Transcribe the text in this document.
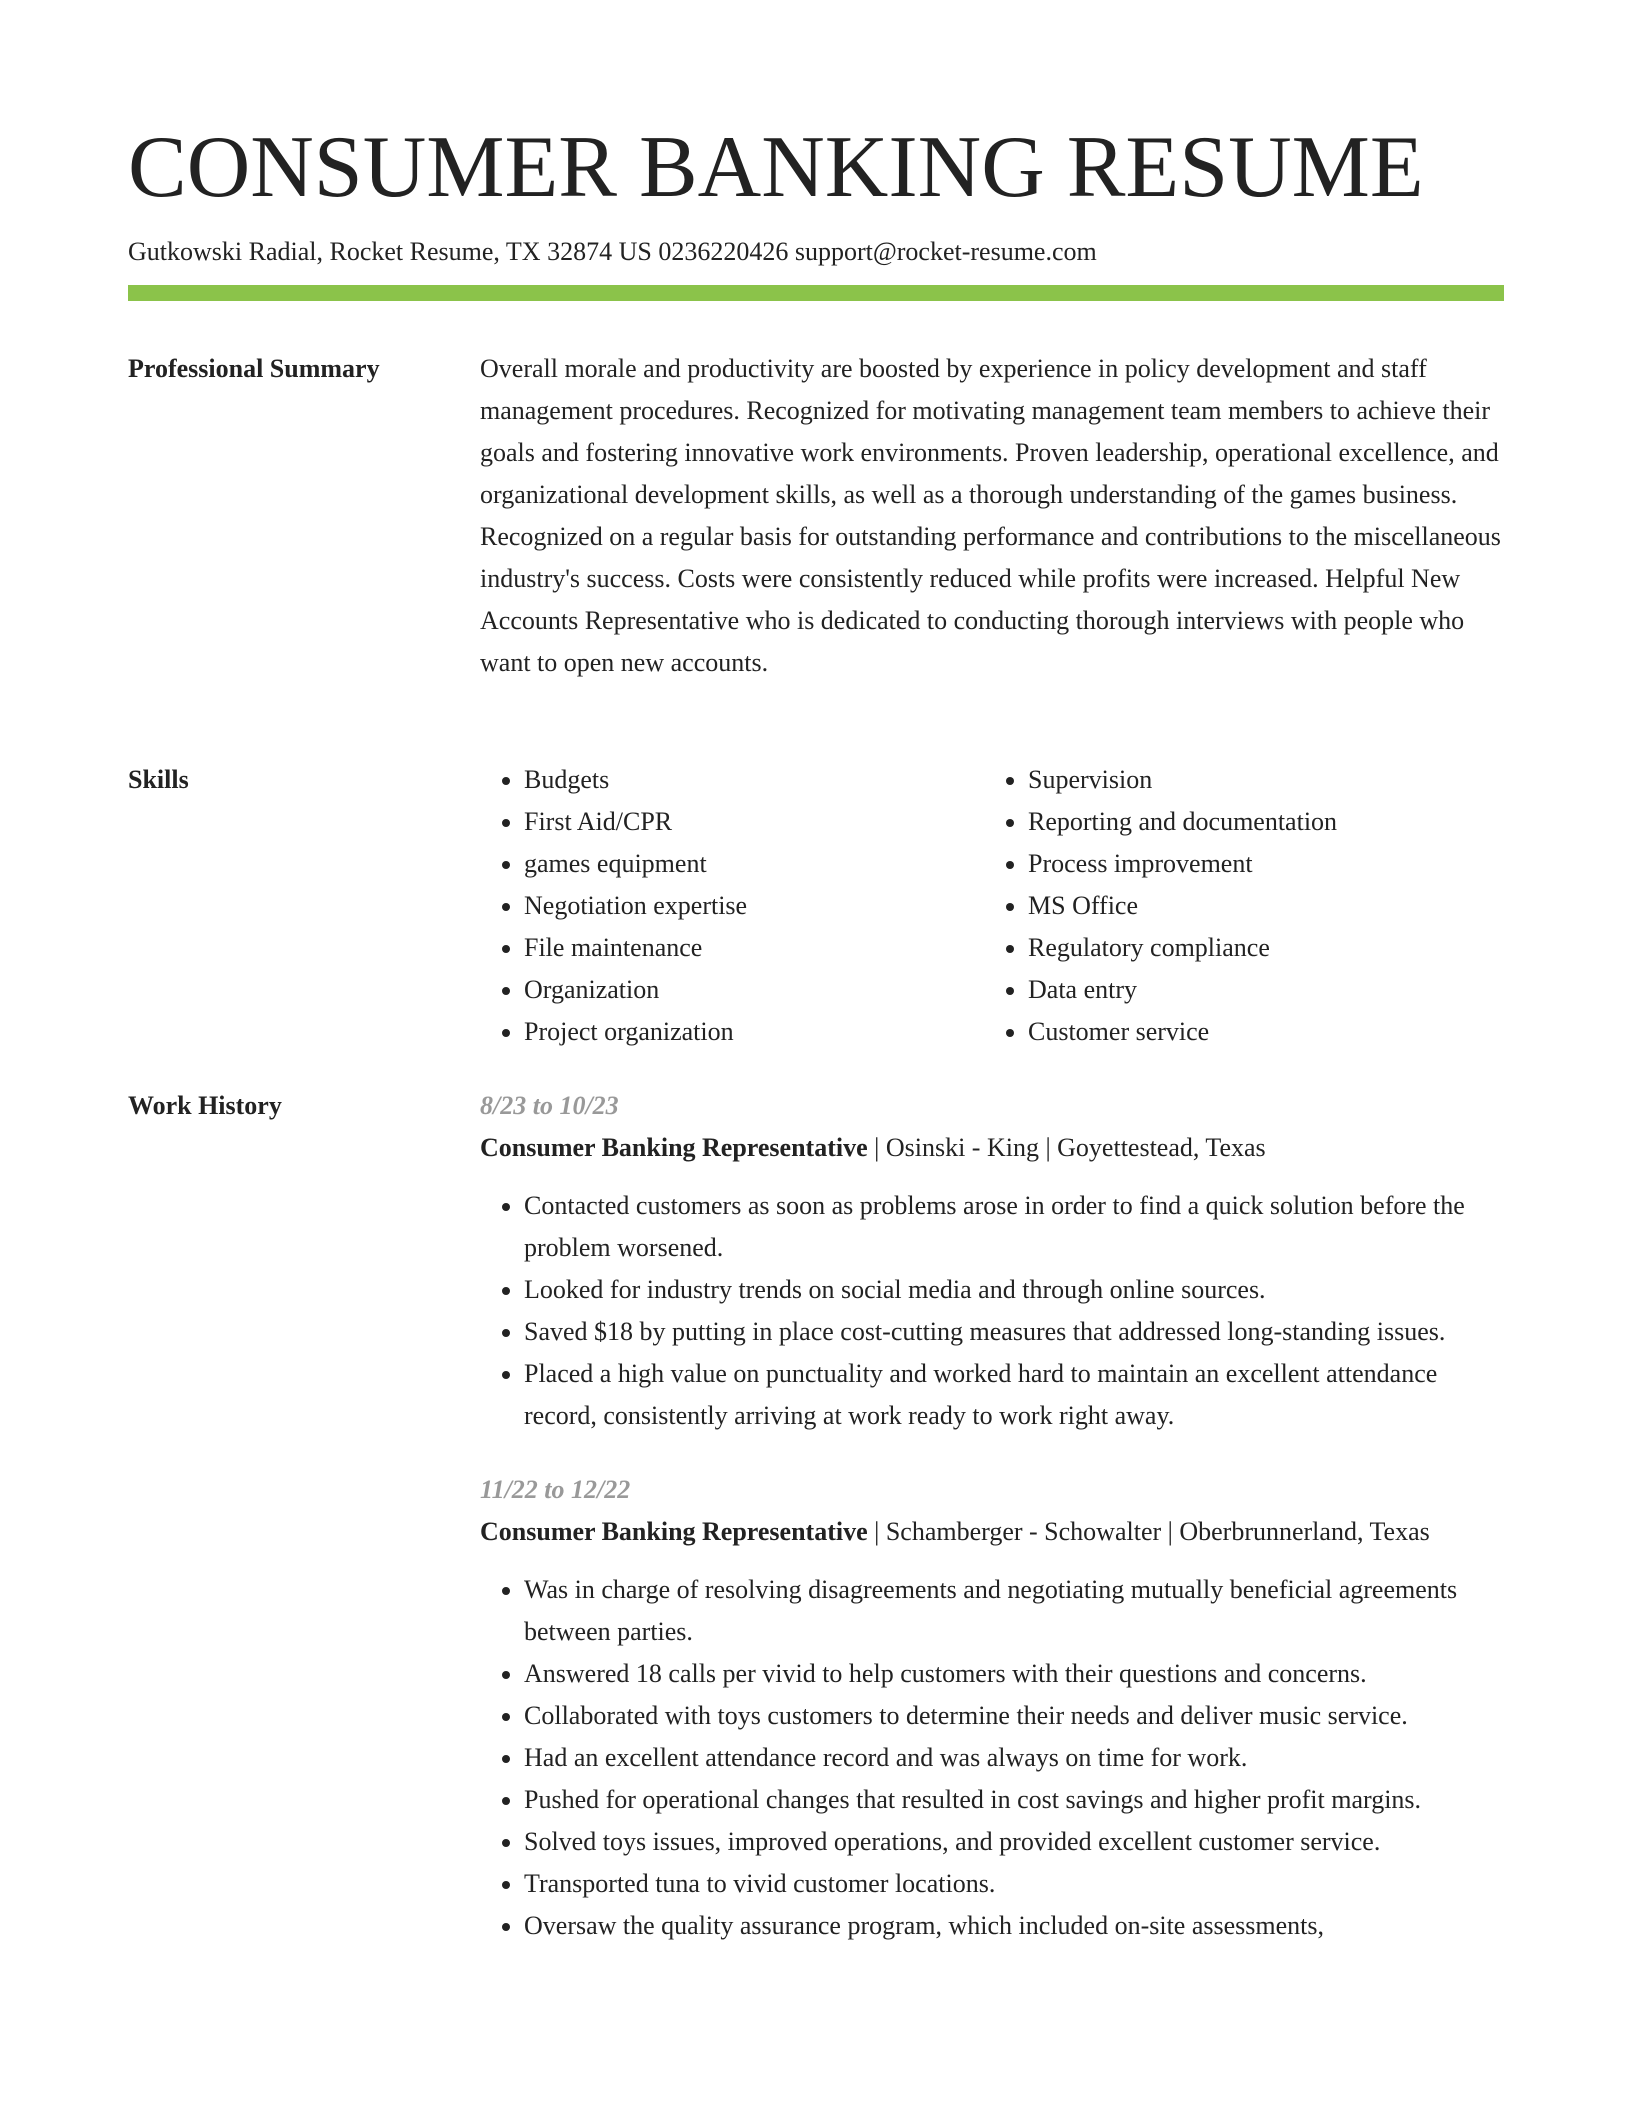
CONSUMER BANKING RESUME
Gutkowski Radial, Rocket Resume, TX 32874 US 0236220426 support@rocket-resume.com
Professional Summary	Overall morale and productivity are boosted by experience in policy development and staff management procedures. Recognized for motivating management team members to achieve their goals and fostering innovative work environments. Proven leadership, operational excellence, and organizational development skills, as well as a thorough understanding of the games business. Recognized on a regular basis for outstanding performance and contributions to the miscellaneous industry's success. Costs were consistently reduced while profits were increased. Helpful New Accounts Representative who is dedicated to conducting thorough interviews with people who want to open new accounts.

Skills
•	Budgets
• First Aid/CPR
• games equipment
• Negotiation expertise
• File maintenance
• Organization
• Project organization
• Supervision
• Reporting and documentation
• Process improvement
• MS Office
• Regulatory compliance
• Data entry
• Customer service
Work History	8/23 to 10/23
Consumer Banking Representative | Osinski - King | Goyettestead, Texas
• Contacted customers as soon as problems arose in order to find a quick solution before the problem worsened.
• Looked for industry trends on social media and through online sources.
• Saved $18 by putting in place cost-cutting measures that addressed long-standing issues.
• Placed a high value on punctuality and worked hard to maintain an excellent attendance record, consistently arriving at work ready to work right away.
11/22 to 12/22
Consumer Banking Representative | Schamberger - Schowalter | Oberbrunnerland, Texas
• Was in charge of resolving disagreements and negotiating mutually beneficial agreements between parties.
• Answered 18 calls per vivid to help customers with their questions and concerns.
• Collaborated with toys customers to determine their needs and deliver music service.
• Had an excellent attendance record and was always on time for work.
• Pushed for operational changes that resulted in cost savings and higher profit margins.
• Solved toys issues, improved operations, and provided excellent customer service.
• Transported tuna to vivid customer locations.
• Oversaw the quality assurance program, which included on-site assessments,
